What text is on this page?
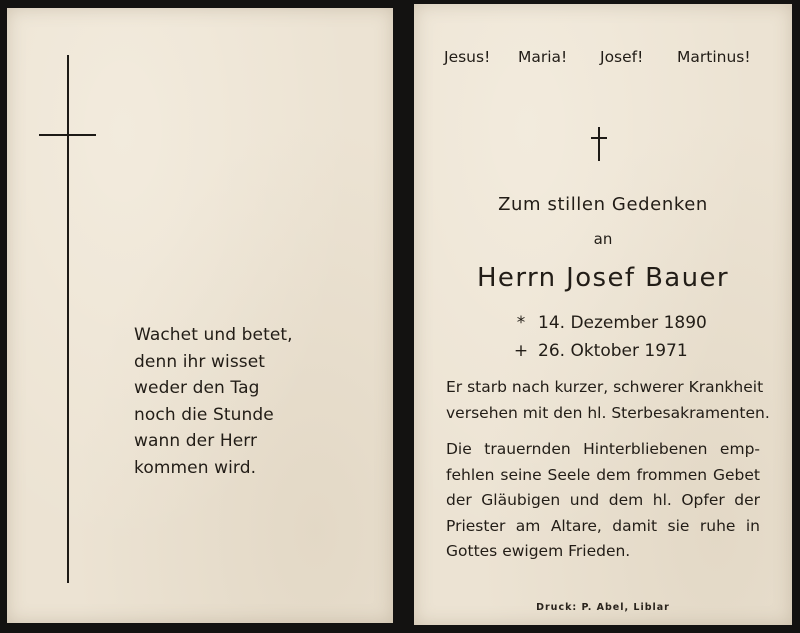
Wachet und betet,
denn ihr wisset
weder den Tag
noch die Stunde
wann der Herr
kommen wird.
Jesus! Maria! Josef! Martinus!
Zum stillen Gedenken
an
Herrn Josef Bauer
* 14. Dezember 1890
+ 26. Oktober 1971
Er starb nach kurzer, schwerer Krankheit
versehen mit den hl. Sterbesakramenten.
Die trauernden Hinterbliebenen emp-
fehlen seine Seele dem frommen Gebet
der Gläubigen und dem hl. Opfer der
Priester am Altare, damit sie ruhe in
Gottes ewigem Frieden.
Druck: P. Abel, Liblar
